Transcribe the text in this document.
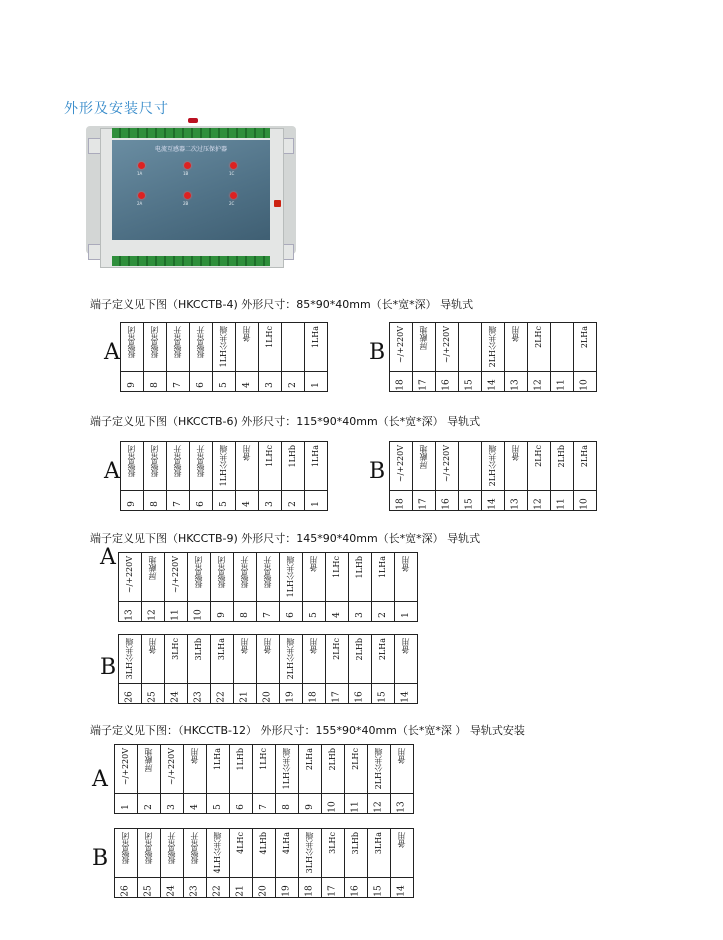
外形及安装尺寸
电流互感器二次过压保护器
1A	1B	1C
2A	2B	2C
端子定义见下图（HKCCTB-4) 外形尺寸：85*90*40mm（长*宽*深） 导轨式
A 报警常闭	报警常闭	报警常开	报警常开	1LH公共端	备用	1LHc		1LHa
9	8	7	6	5	4	3	2	1
B ~/+220V	屏蔽地	~/+220V		2LH公共端	备用	2LHc		2LHa
18	17	16	15	14	13	12	11	10
端子定义见下图（HKCCTB-6) 外形尺寸：115*90*40mm（长*宽*深） 导轨式
A 报警常闭	报警常闭	报警常开	报警常开	1LH公共端	备用	1LHc	1LHb	1LHa
9	8	7	6	5	4	3	2	1
B ~/+220V	屏蔽地	~/+220V		2LH公共端	备用	2LHc	2LHb	2LHa
18	17	16	15	14	13	12	11	10
端子定义见下图（HKCCTB-9) 外形尺寸：145*90*40mm（长*宽*深） 导轨式
A ~/+220V	屏蔽地	~/+220V	报警常闭	报警常闭	报警常开	报警常开	1LH公共端	备用	1LHc	1LHb	1LHa	备用
13	12	11	10	9	8	7	6	5	4	3	2	1
B 3LH公共端	备用	3LHc	3LHb	3LHa	备用	备用	2LH公共端	备用	2LHc	2LHb	2LHa	备用
26	25	24	23	22	21	20	19	18	17	16	15	14
端子定义见下图：（HKCCTB-12） 外形尺寸：155*90*40mm（长*宽*深 ） 导轨式安装
A ~/+220V	屏蔽地	~/+220V	备用	1LHa	1LHb	1LHc	1LH公共端	2LHa	2LHb	2LHc	2LH公共端	备用
1	2	3	4	5	6	7	8	9	10	11	12	13
B 报警常闭	报警常闭	报警常开	报警常开	4LH公共端	4LHc	4LHb	4LHa	3LH公共端	3LHc	3LHb	3LHa	备用
26	25	24	23	22	21	20	19	18	17	16	15	14
